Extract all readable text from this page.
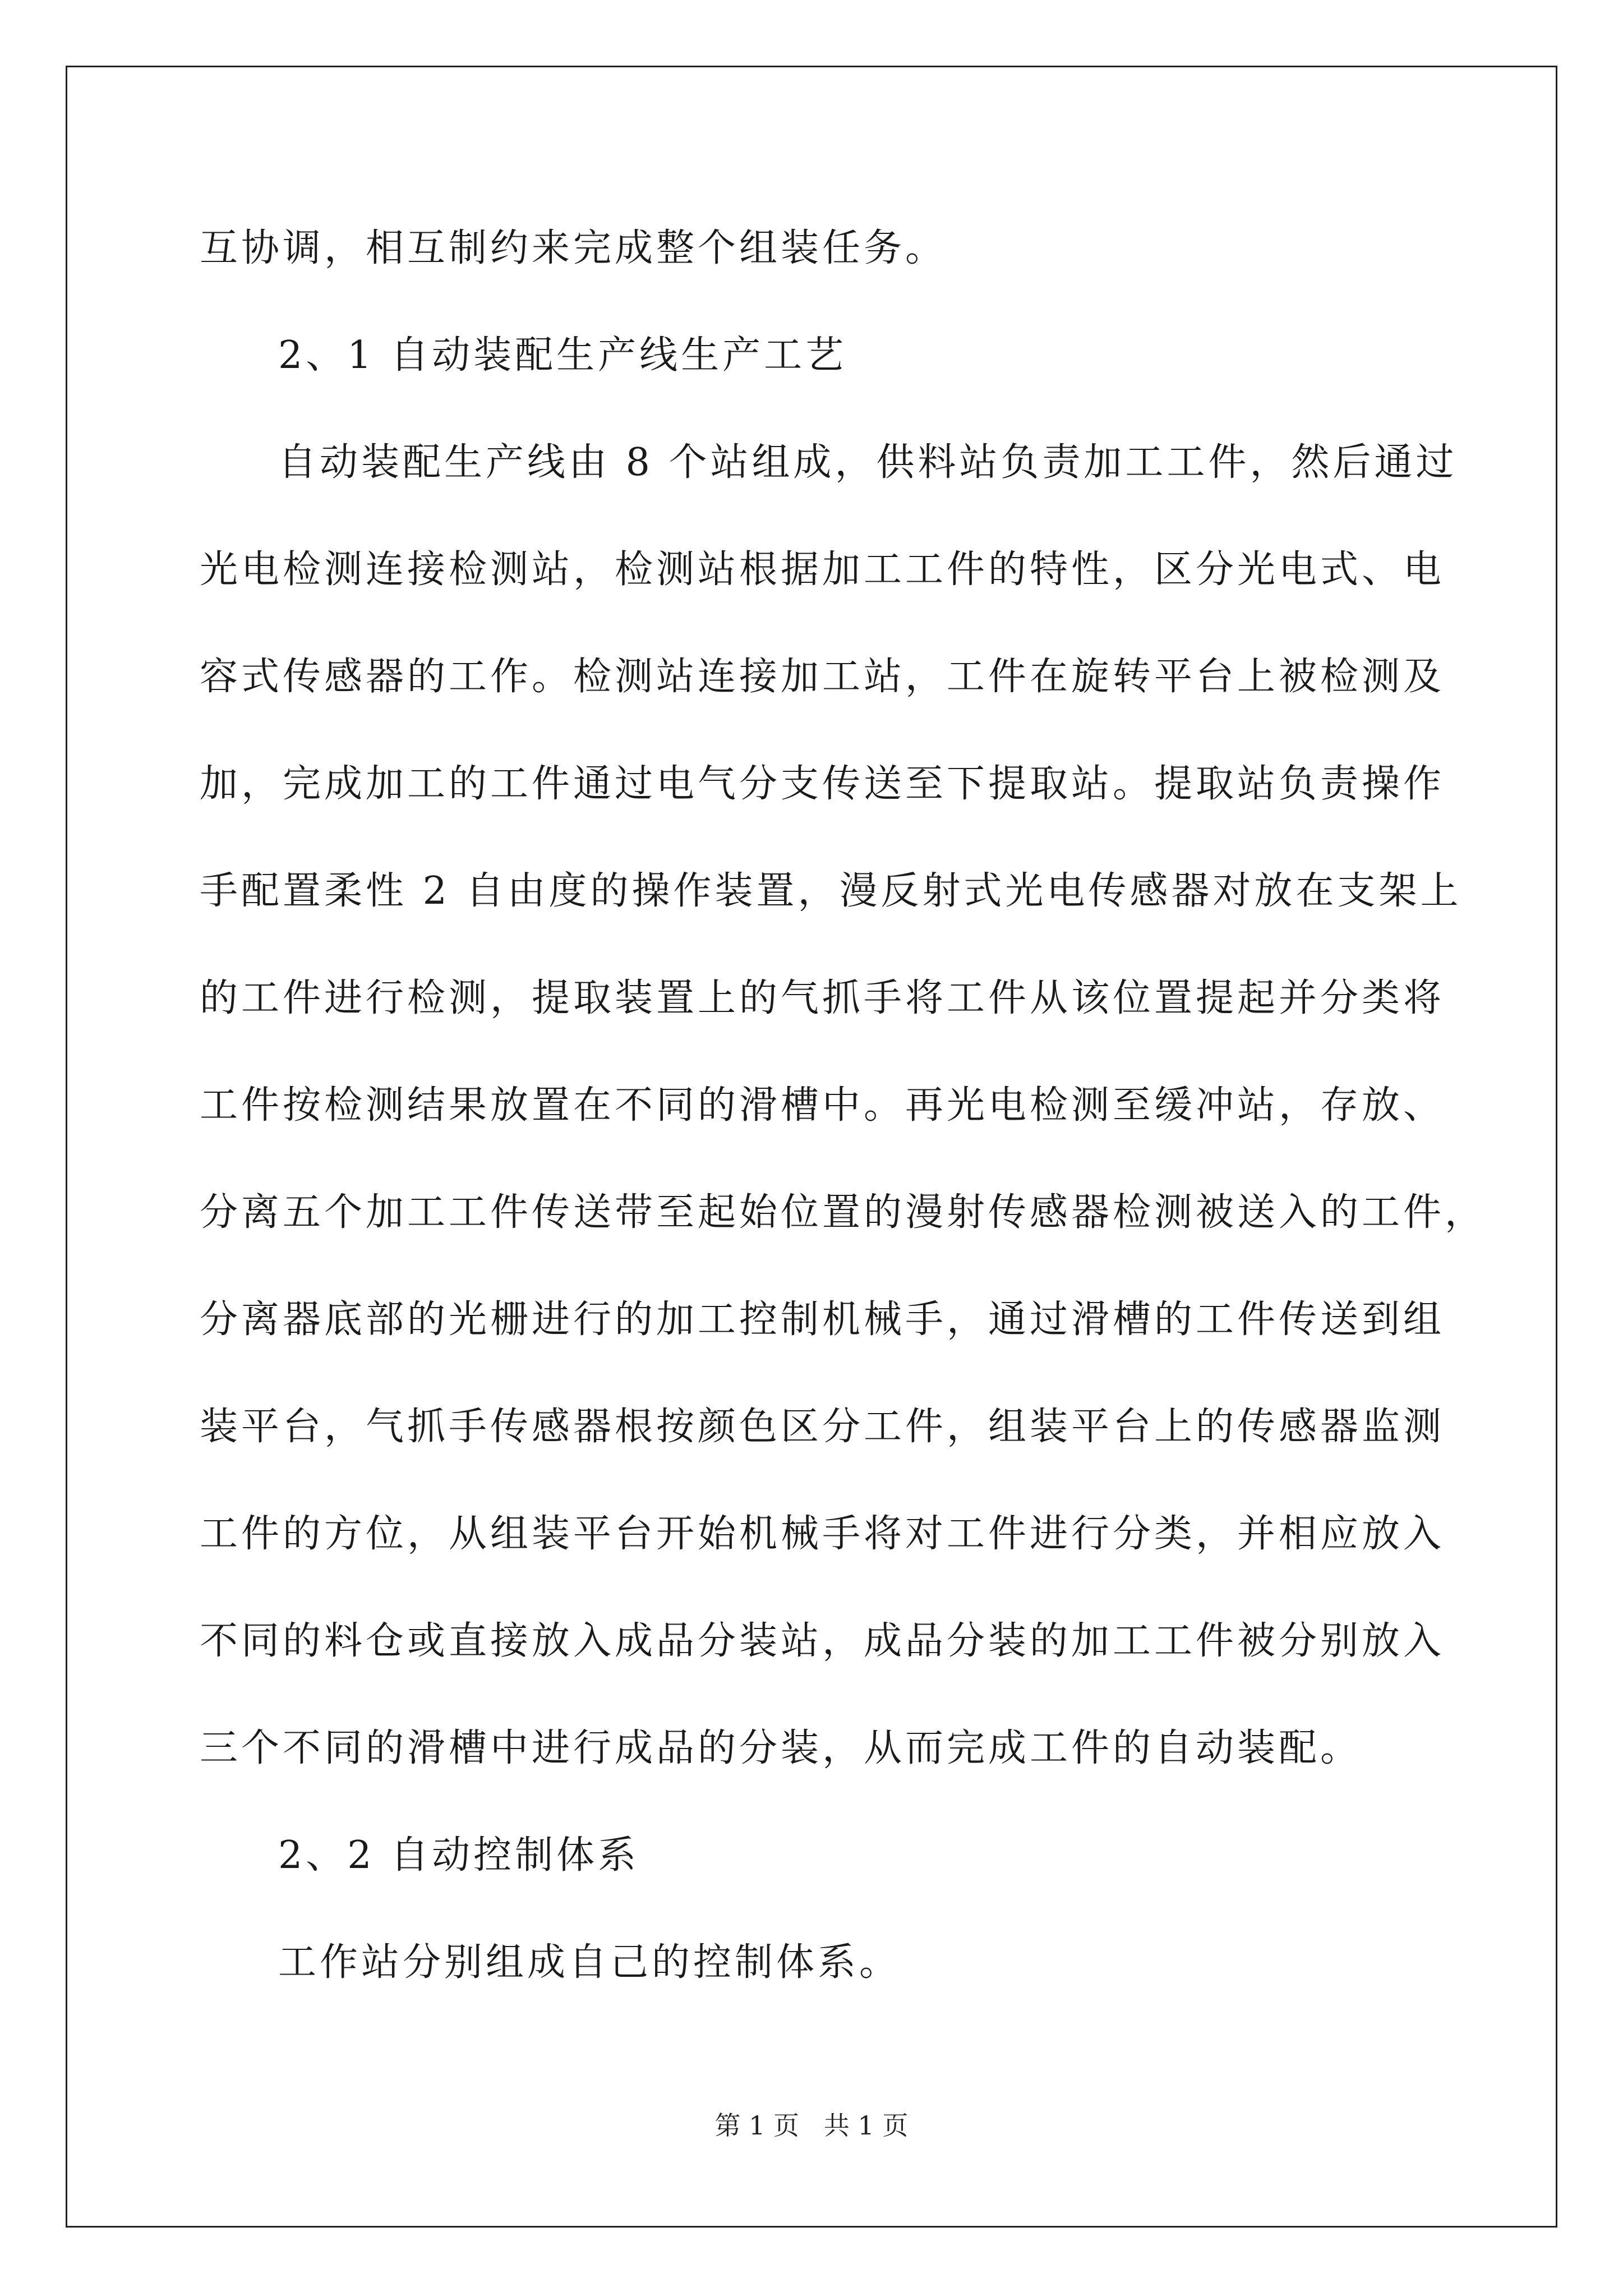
互协调，相互制约来完成整个组装任务。
2、1 自动装配生产线生产工艺
自动装配生产线由 8 个站组成，供料站负责加工工件，然后通过
光电检测连接检测站，检测站根据加工工件的特性，区分光电式、电
容式传感器的工作。检测站连接加工站，工件在旋转平台上被检测及
加，完成加工的工件通过电气分支传送至下提取站。提取站负责操作
手配置柔性 2 自由度的操作装置，漫反射式光电传感器对放在支架上
的工件进行检测，提取装置上的气抓手将工件从该位置提起并分类将
工件按检测结果放置在不同的滑槽中。再光电检测至缓冲站，存放、
分离五个加工工件传送带至起始位置的漫射传感器检测被送入的工件，
分离器底部的光栅进行的加工控制机械手，通过滑槽的工件传送到组
装平台，气抓手传感器根按颜色区分工件，组装平台上的传感器监测
工件的方位，从组装平台开始机械手将对工件进行分类，并相应放入
不同的料仓或直接放入成品分装站，成品分装的加工工件被分别放入
三个不同的滑槽中进行成品的分装，从而完成工件的自动装配。
2、2 自动控制体系
工作站分别组成自己的控制体系。
第 1 页   共 1 页
